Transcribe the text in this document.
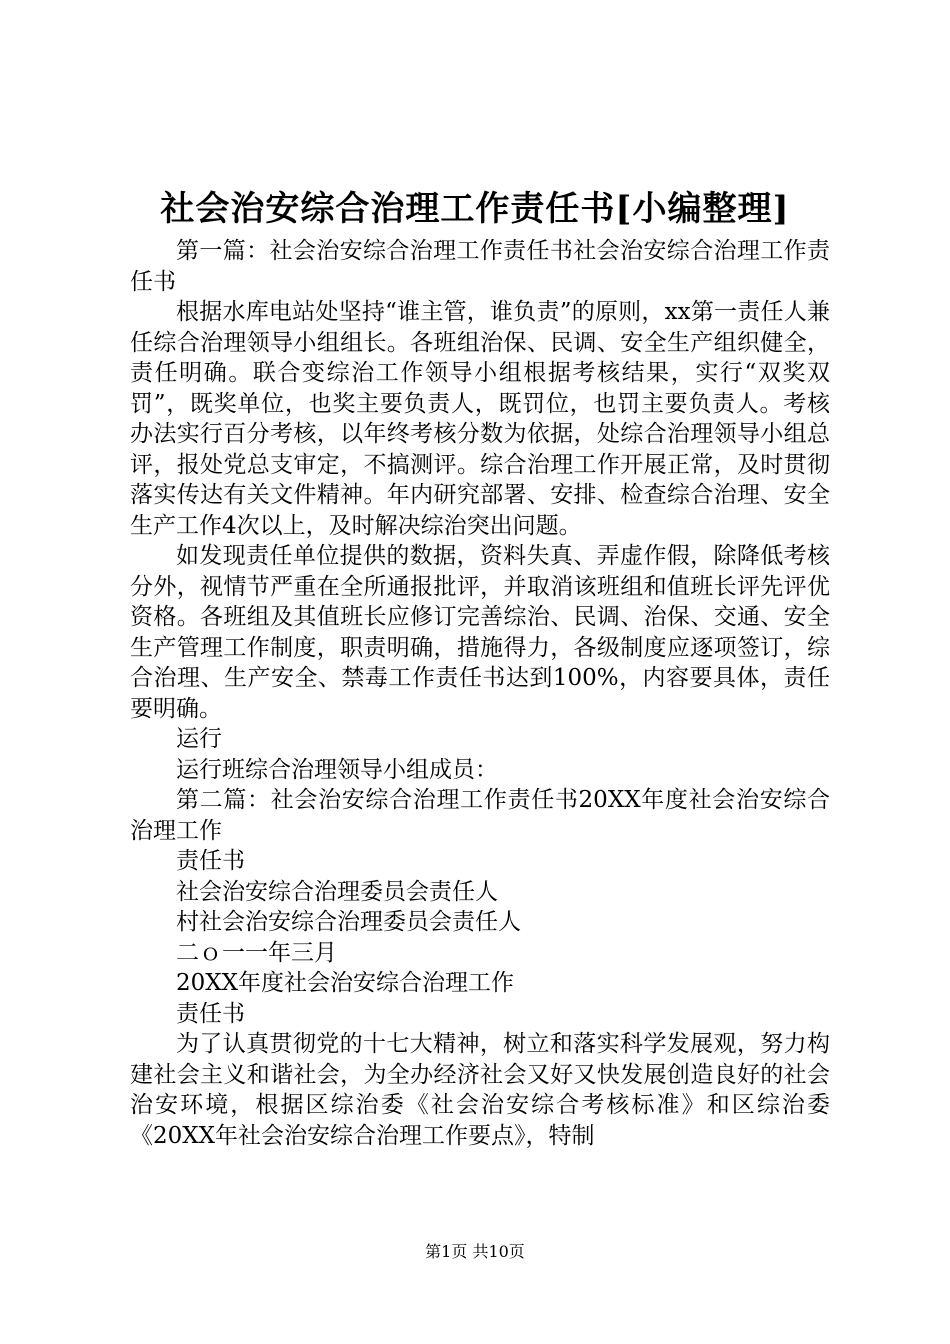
社会治安综合治理工作责任书[小编整理]

第一篇：社会治安综合治理工作责任书社会治安综合治理工作责任书

根据水库电站处坚持“谁主管，谁负责”的原则，xx第一责任人兼任综合治理领导小组组长。各班组治保、民调、安全生产组织健全，责任明确。联合变综治工作领导小组根据考核结果，实行“双奖双罚”，既奖单位，也奖主要负责人，既罚位，也罚主要负责人。考核办法实行百分考核，以年终考核分数为依据，处综合治理领导小组总评，报处党总支审定，不搞测评。综合治理工作开展正常，及时贯彻落实传达有关文件精神。年内研究部署、安排、检查综合治理、安全生产工作4次以上，及时解决综治突出问题。

如发现责任单位提供的数据，资料失真、弄虚作假，除降低考核分外，视情节严重在全所通报批评，并取消该班组和值班长评先评优资格。各班组及其值班长应修订完善综治、民调、治保、交通、安全生产管理工作制度，职责明确，措施得力，各级制度应逐项签订，综合治理、生产安全、禁毒工作责任书达到100%，内容要具体，责任要明确。

运行

运行班综合治理领导小组成员：

第二篇：社会治安综合治理工作责任书20XX年度社会治安综合治理工作

责任书

社会治安综合治理委员会责任人

村社会治安综合治理委员会责任人

二ｏ一一年三月

20XX年度社会治安综合治理工作

责任书

为了认真贯彻党的十七大精神，树立和落实科学发展观，努力构建社会主义和谐社会，为全办经济社会又好又快发展创造良好的社会治安环境，根据区综治委《社会治安综合考核标准》和区综治委《20XX年社会治安综合治理工作要点》，特制

第1页 共10页
